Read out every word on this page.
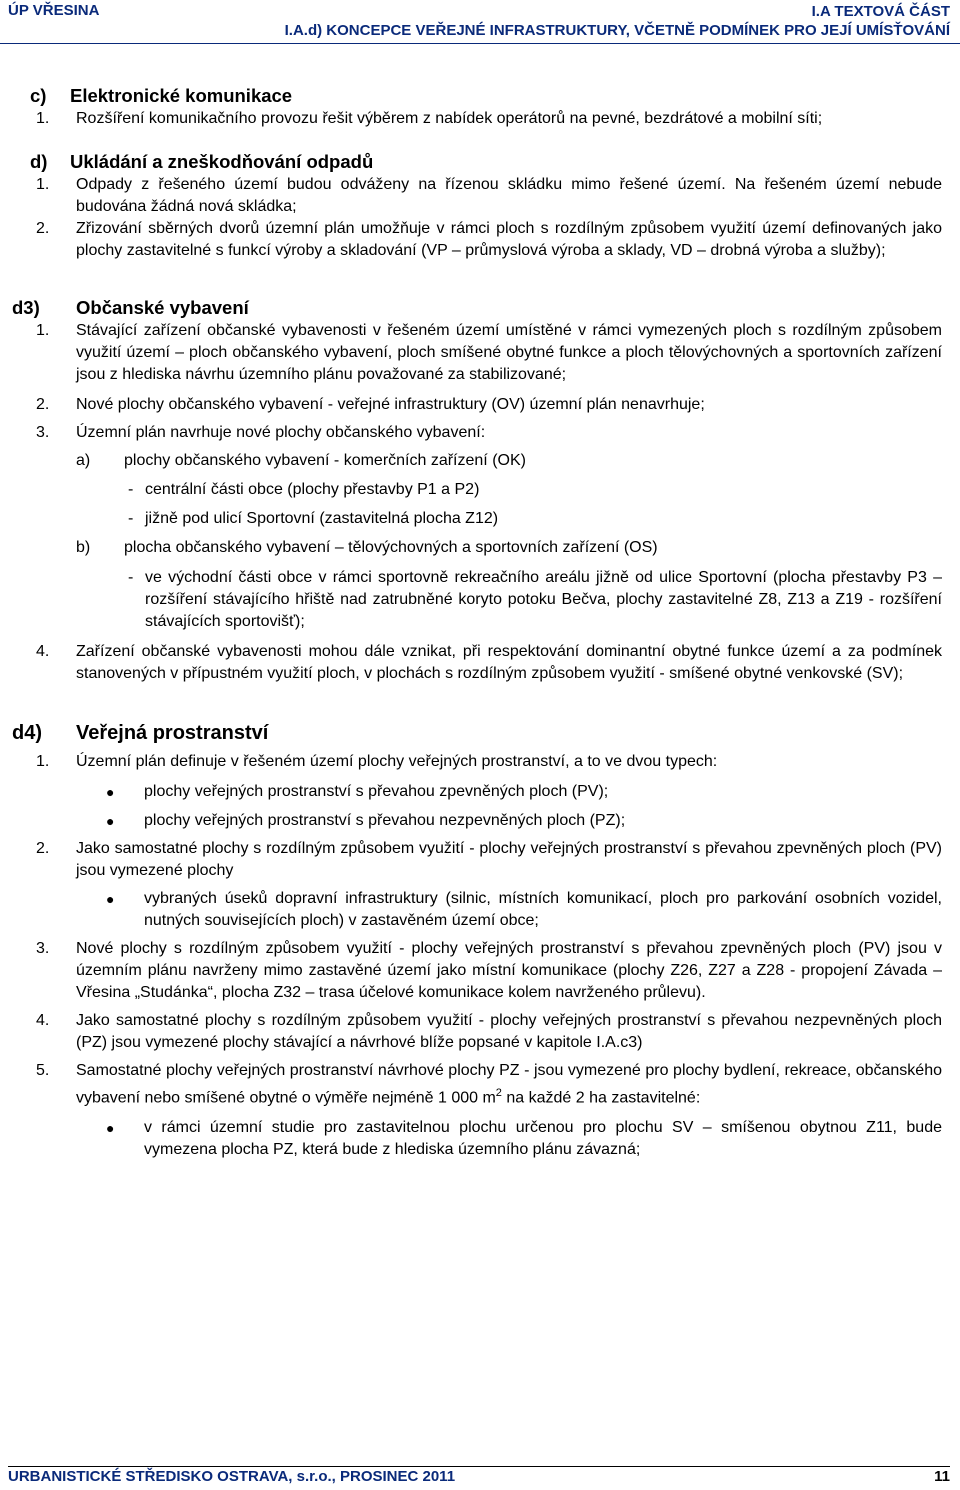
ÚP VŘESINA	I.A TEXTOVÁ ČÁST
I.A.d) KONCEPCE VEŘEJNÉ INFRASTRUKTURY, VČETNĚ PODMÍNEK PRO JEJÍ UMÍSŤOVÁNÍ
c)	Elektronické komunikace
1.	Rozšíření komunikačního provozu řešit výběrem z nabídek operátorů na pevné, bezdrátové a mobilní síti;
d)	Ukládání a zneškodňování odpadů
1.	Odpady z řešeného území budou odváženy na řízenou skládku mimo řešené území. Na řešeném území nebude budována žádná nová skládka;
2.	Zřizování sběrných dvorů územní plán umožňuje v rámci ploch s rozdílným způsobem využití území definovaných jako plochy zastavitelné s funkcí výroby a skladování (VP – průmyslová výroba a sklady, VD – drobná výroba a služby);
d3)	Občanské vybavení
1.	Stávající zařízení občanské vybavenosti v řešeném území umístěné v rámci vymezených ploch s rozdílným způsobem využití území – ploch občanského vybavení, ploch smíšené obytné funkce a ploch tělovýchovných a sportovních zařízení jsou z hlediska návrhu územního plánu považované za stabilizované;
2.	Nové plochy občanského vybavení - veřejné infrastruktury (OV) územní plán nenavrhuje;
3.	Územní plán navrhuje nové plochy občanského vybavení:
a)	plochy občanského vybavení - komerčních zařízení (OK)
- centrální části obce (plochy přestavby P1 a P2)
- jižně pod ulicí Sportovní (zastavitelná plocha Z12)
b)	plocha občanského vybavení – tělovýchovných a sportovních zařízení (OS)
- ve východní části obce v rámci sportovně rekreačního areálu jižně od ulice Sportovní (plocha přestavby P3 – rozšíření stávajícího hřiště nad zatrubněné koryto potoku Bečva, plochy zastavitelné Z8, Z13 a Z19 - rozšíření stávajících sportovišť);
4.	Zařízení občanské vybavenosti mohou dále vznikat, při respektování dominantní obytné funkce území a za podmínek stanovených v přípustném využití ploch, v plochách s rozdílným způsobem využití - smíšené obytné venkovské (SV);
d4)	Veřejná prostranství
1.	Územní plán definuje v řešeném území plochy veřejných prostranství, a to ve dvou typech:
●	plochy veřejných prostranství s převahou zpevněných ploch (PV);
●	plochy veřejných prostranství s převahou nezpevněných ploch (PZ);
2.	Jako samostatné plochy s rozdílným způsobem využití - plochy veřejných prostranství s převahou zpevněných ploch (PV) jsou vymezené plochy
●	vybraných úseků dopravní infrastruktury (silnic, místních komunikací, ploch pro parkování osobních vozidel, nutných souvisejících ploch) v zastavěném území obce;
3.	Nové plochy s rozdílným způsobem využití - plochy veřejných prostranství s převahou zpevněných ploch (PV) jsou v územním plánu navrženy mimo zastavěné území jako místní komunikace (plochy Z26, Z27 a Z28 - propojení Závada – Vřesina „Studánka“, plocha Z32 – trasa účelové komunikace kolem navrženého průlevu).
4.	Jako samostatné plochy s rozdílným způsobem využití - plochy veřejných prostranství s převahou nezpevněných ploch (PZ) jsou vymezené plochy stávající a návrhové blíže popsané v kapitole I.A.c3)
5.	Samostatné plochy veřejných prostranství návrhové plochy PZ - jsou vymezené pro plochy bydlení, rekreace, občanského vybavení nebo smíšené obytné o výměře nejméně 1 000 $m^2$ na každé 2 ha zastavitelné:
●	v rámci územní studie pro zastavitelnou plochu určenou pro plochu SV – smíšenou obytnou Z11, bude vymezena plocha PZ, která bude z hlediska územního plánu závazná;
URBANISTICKÉ STŘEDISKO OSTRAVA, s.r.o., PROSINEC 2011	11
